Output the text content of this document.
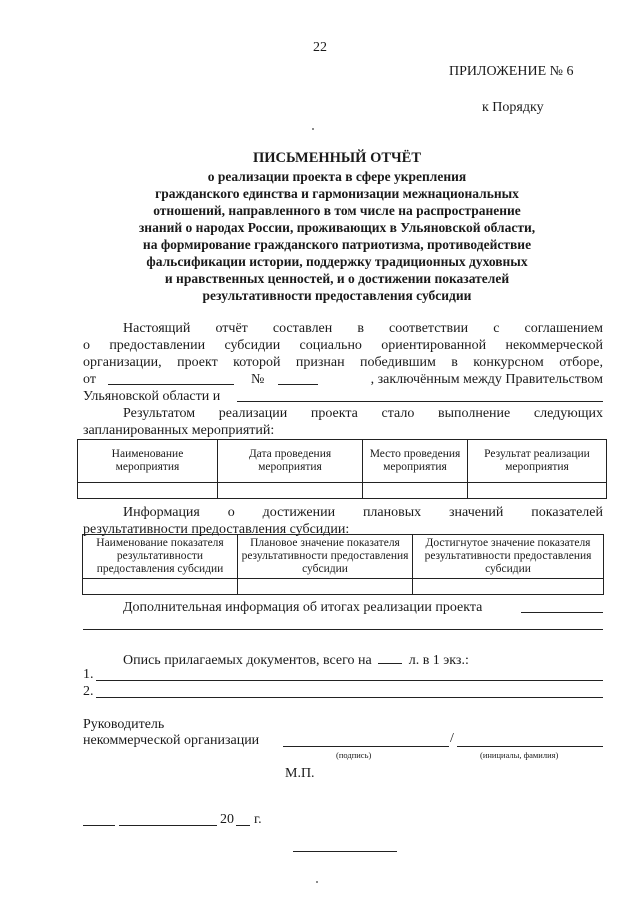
22
ПРИЛОЖЕНИЕ № 6
к Порядку
ПИСЬМЕННЫЙ ОТЧЁТ
о реализации проекта в сфере укрепления
гражданского единства и гармонизации межнациональных
отношений, направленного в том числе на распространение
знаний о народах России, проживающих в Ульяновской области,
на формирование гражданского патриотизма, противодействие
фальсификации истории, поддержку традиционных духовных
и нравственных ценностей, и о достижении показателей
результативности предоставления субсидии
Настоящий отчёт составлен в соответствии с соглашением
о предоставлении субсидии социально ориентированной некоммерческой
организации, проект которой признан победившим в конкурсном отборе,
от	№	, заключённым между Правительством
Ульяновской области и
Результатом реализации проекта стало выполнение следующих
запланированных мероприятий:
Наименование мероприятия	Дата проведения мероприятия	Место проведения мероприятия	Результат реализации мероприятия

Информация о достижении плановых значений показателей
результативности предоставления субсидии:
Наименование показателя результативности предоставления субсидии	Плановое значение показателя результативности предоставления субсидии	Достигнутое значение показателя результативности предоставления субсидии

Дополнительная информация об итогах реализации проекта
Опись прилагаемых документов, всего на	л. в 1 экз.:
1.
2.
Руководитель
некоммерческой организации	/
(подпись)	(инициалы, фамилия)
М.П.
20 г.
